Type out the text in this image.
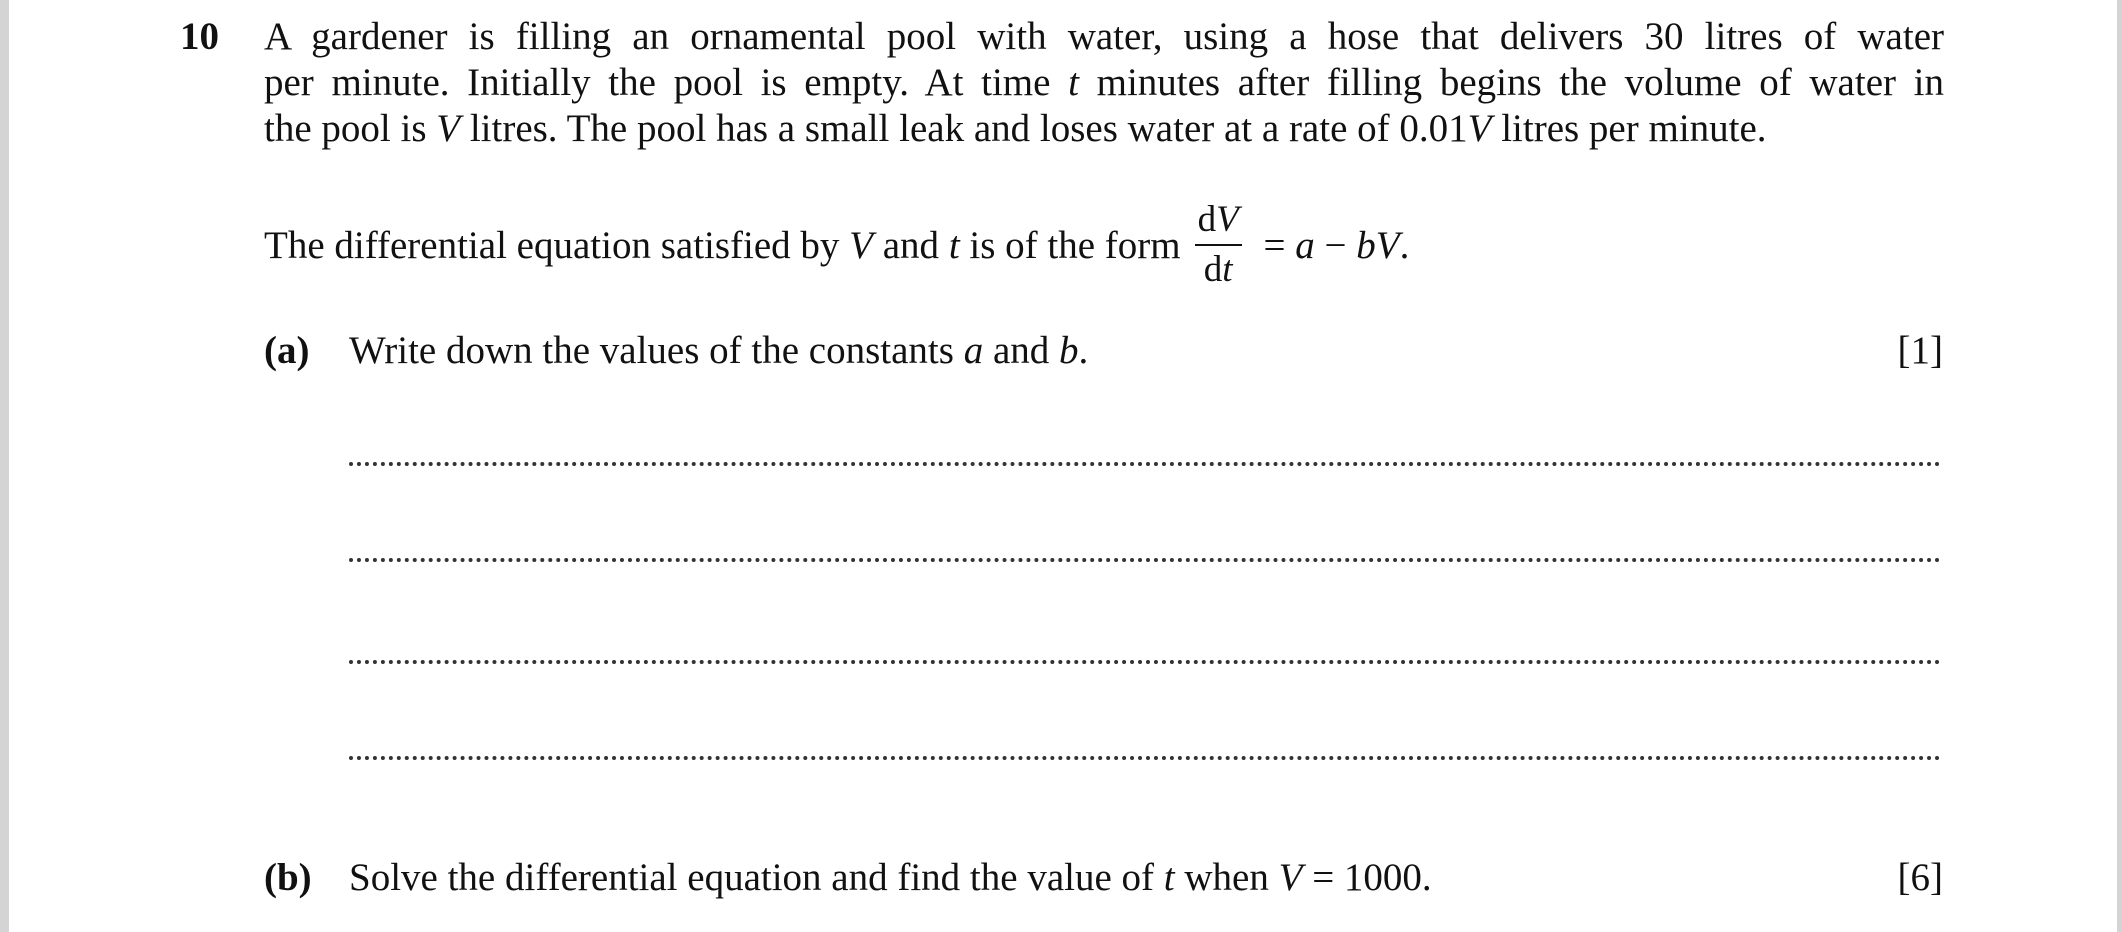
10 A gardener is filling an ornamental pool with water, using a hose that delivers 30 litres of water
per minute. Initially the pool is empty. At time t minutes after filling begins the volume of water in
the pool is V litres. The pool has a small leak and loses water at a rate of 0.01V litres per minute.
The differential equation satisfied by V and t is of the form $\frac{dV}{dt} = a$ − bV .
(a) Write down the values of the constants a and b.	[1]
(b) Solve the differential equation and find the value of t when V = 1000.	[6]
